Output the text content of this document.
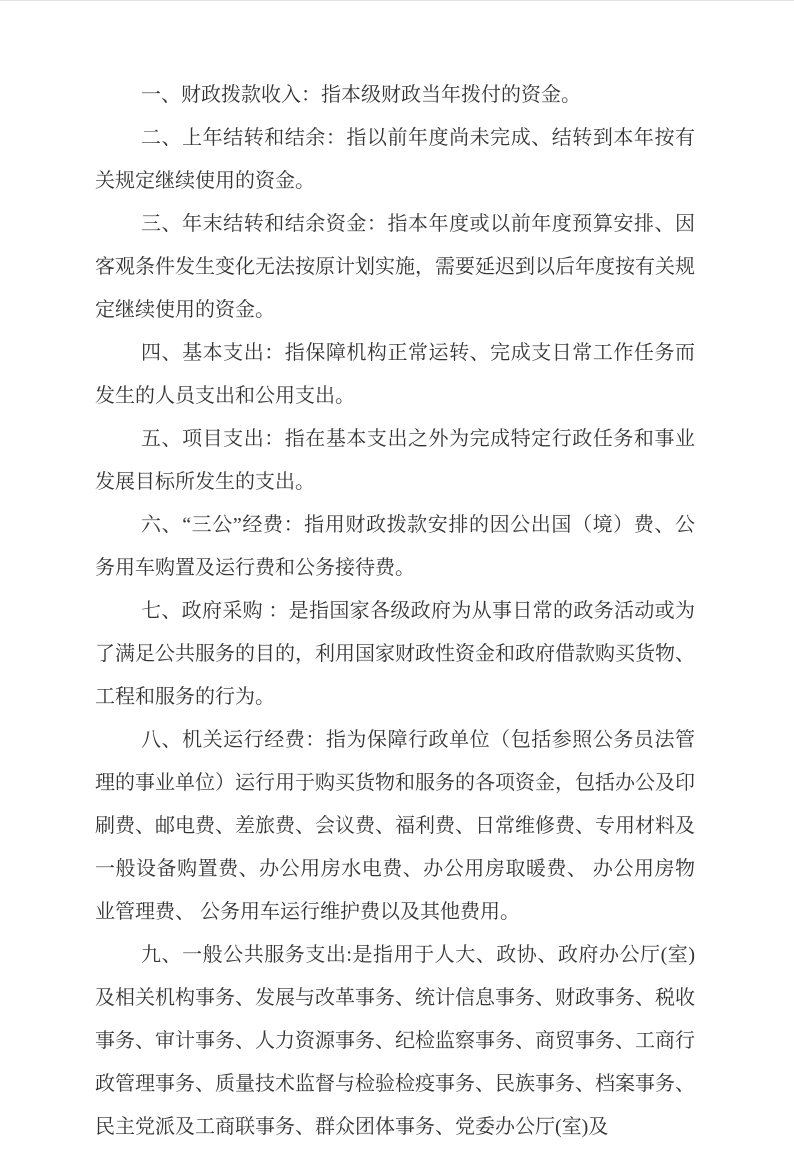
一、财政拨款收入：指本级财政当年拨付的资金。

二、上年结转和结余：指以前年度尚未完成、结转到本年按有关规定继续使用的资金。

三、年末结转和结余资金：指本年度或以前年度预算安排、因客观条件发生变化无法按原计划实施，需要延迟到以后年度按有关规定继续使用的资金。

四、基本支出：指保障机构正常运转、完成支日常工作任务而发生的人员支出和公用支出。

五、项目支出：指在基本支出之外为完成特定行政任务和事业发展目标所发生的支出。

六、“三公”经费：指用财政拨款安排的因公出国（境）费、公务用车购置及运行费和公务接待费。

七、政府采购 ：是指国家各级政府为从事日常的政务活动或为了满足公共服务的目的，利用国家财政性资金和政府借款购买货物、工程和服务的行为。

八、机关运行经费：指为保障行政单位（包括参照公务员法管理的事业单位）运行用于购买货物和服务的各项资金，包括办公及印刷费、邮电费、差旅费、会议费、福利费、日常维修费、专用材料及一般设备购置费、办公用房水电费、办公用房取暖费、 办公用房物业管理费、 公务用车运行维护费以及其他费用。

九、一般公共服务支出:是指用于人大、政协、政府办公厅(室)及相关机构事务、发展与改革事务、统计信息事务、财政事务、税收事务、审计事务、人力资源事务、纪检监察事务、商贸事务、工商行政管理事务、质量技术监督与检验检疫事务、民族事务、档案事务、民主党派及工商联事务、群众团体事务、党委办公厅(室)及
